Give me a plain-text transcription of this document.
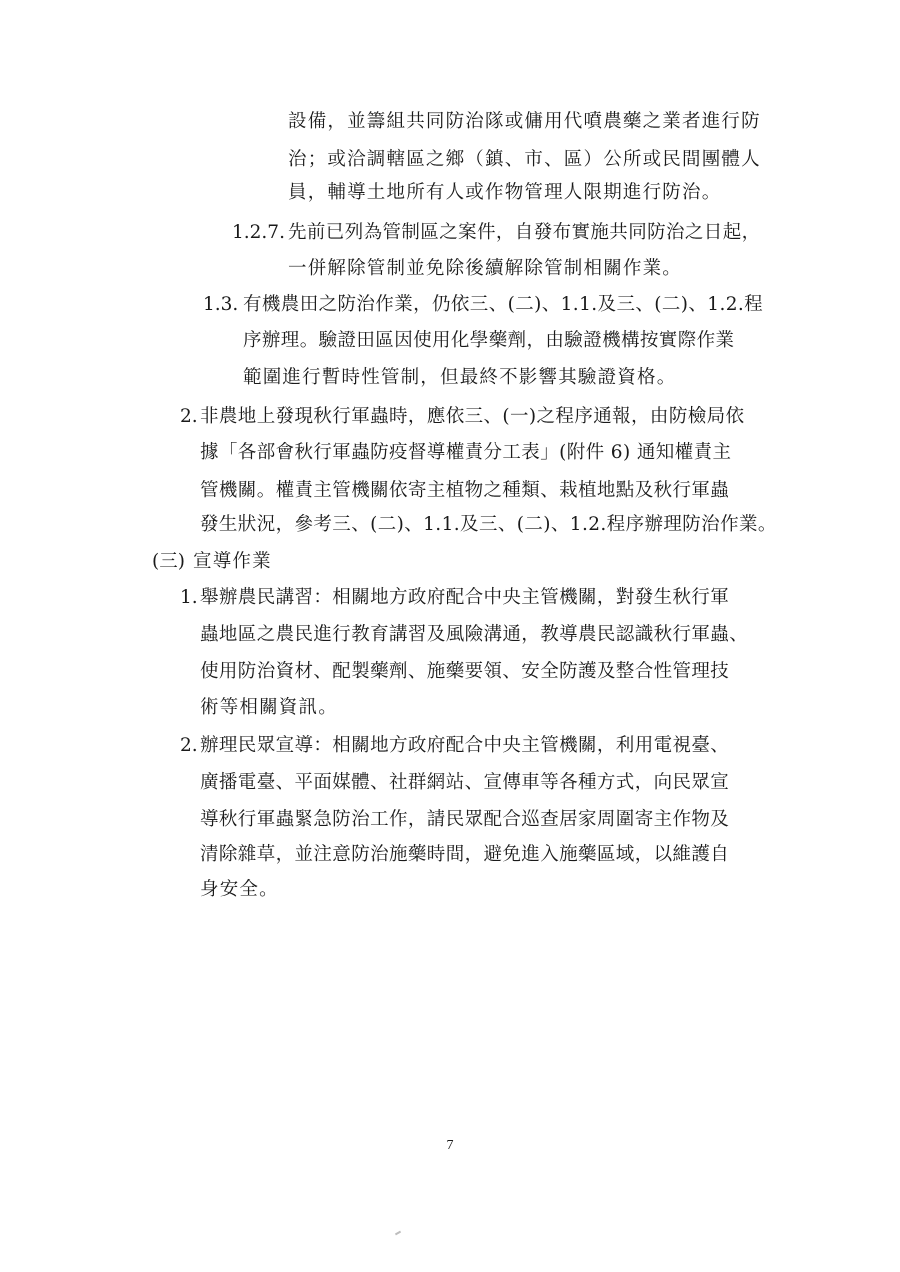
設備，並籌組共同防治隊或傭用代噴農藥之業者進行防
治；或洽調轄區之鄉（鎮、市、區）公所或民間團體人
員，輔導土地所有人或作物管理人限期進行防治。
1.2.7. 先前已列為管制區之案件，自發布實施共同防治之日起，
一併解除管制並免除後續解除管制相關作業。
1.3. 有機農田之防治作業，仍依三、(二)、1.1.及三、(二)、1.2.程
序辦理。驗證田區因使用化學藥劑，由驗證機構按實際作業
範圍進行暫時性管制，但最終不影響其驗證資格。
2. 非農地上發現秋行軍蟲時，應依三、(一)之程序通報，由防檢局依
據「各部會秋行軍蟲防疫督導權責分工表」(附件 6) 通知權責主
管機關。權責主管機關依寄主植物之種類、栽植地點及秋行軍蟲
發生狀況，參考三、(二)、1.1.及三、(二)、1.2.程序辦理防治作業。
(三) 宣導作業
1. 舉辦農民講習：相關地方政府配合中央主管機關，對發生秋行軍
蟲地區之農民進行教育講習及風險溝通，教導農民認識秋行軍蟲、
使用防治資材、配製藥劑、施藥要領、安全防護及整合性管理技
術等相關資訊。
2. 辦理民眾宣導：相關地方政府配合中央主管機關，利用電視臺、
廣播電臺、平面媒體、社群網站、宣傳車等各種方式，向民眾宣
導秋行軍蟲緊急防治工作，請民眾配合巡查居家周圍寄主作物及
清除雜草，並注意防治施藥時間，避免進入施藥區域，以維護自
身安全。
7
